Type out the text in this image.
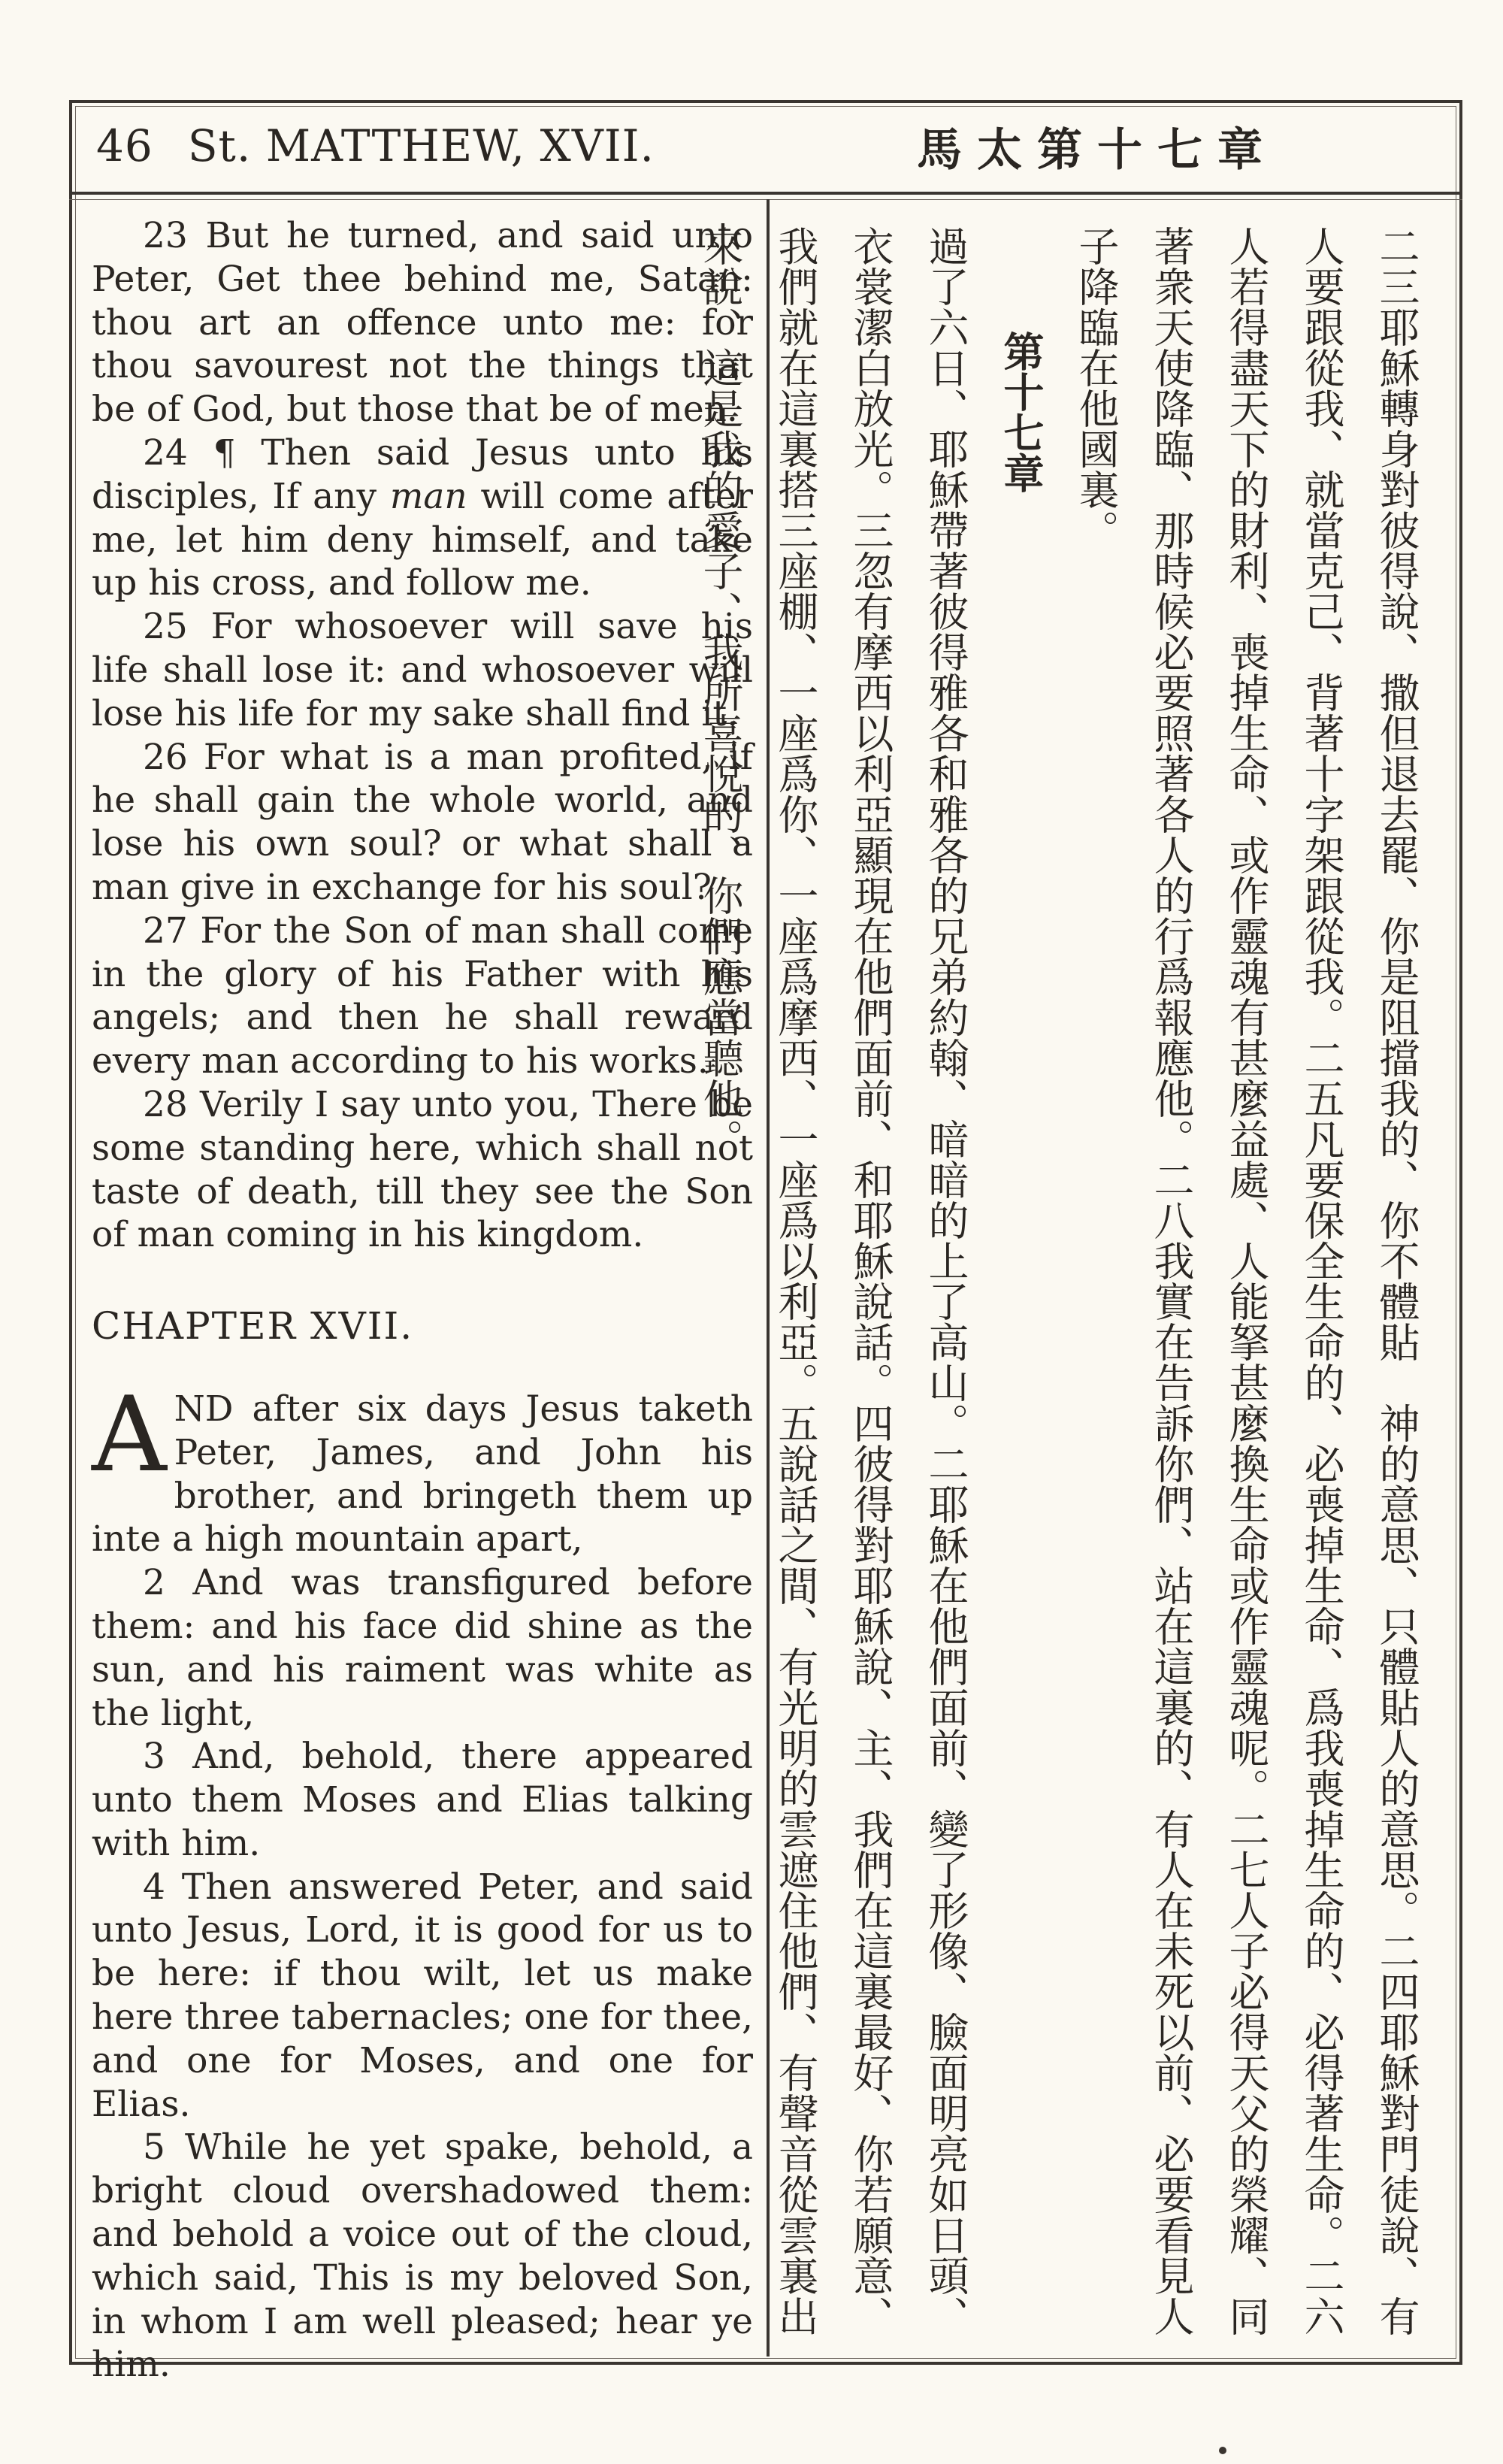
46 St. MATTHEW, XVII.	馬太第十七章

23 But he turned, and said unto Peter, Get thee behind me, Satan: thou art an offence unto me: for thou savourest not the things that be of God, but those that be of men.

24 ¶ Then said Jesus unto his disciples, If any man will come after me, let him deny himself, and take up his cross, and follow me.

25 For whosoever will save his life shall lose it: and whosoever will lose his life for my sake shall find it.

26 For what is a man profited, if he shall gain the whole world, and lose his own soul? or what shall a man give in exchange for his soul?

27 For the Son of man shall come in the glory of his Father with his angels; and then he shall reward every man according to his works.

28 Verily I say unto you, There be some standing here, which shall not taste of death, till they see the Son of man coming in his kingdom.

CHAPTER XVII.

AND after six days Jesus taketh Peter, James, and John his brother, and bringeth them up inte a high mountain apart,

2 And was transfigured before them: and his face did shine as the sun, and his raiment was white as the light,

3 And, behold, there appeared unto them Moses and Elias talking with him.

4 Then answered Peter, and said unto Jesus, Lord, it is good for us to be here: if thou wilt, let us make here three tabernacles; one for thee, and one for Moses, and one for Elias.

5 While he yet spake, behold, a bright cloud overshadowed them: and behold a voice out of the cloud, which said, This is my beloved Son, in whom I am well pleased; hear ye him.

二三耶穌轉身對彼得說、撒但退去罷、你是阻擋我的、你不體貼　神的意思、只體貼人的意思。二四耶穌對門徒說、有人要跟從我、就當克己、背著十字架跟從我。二五凡要保全生命的、必喪掉生命、爲我喪掉生命的、必得著生命。二六人若得盡天下的財利、喪掉生命、或作靈魂有甚麼益處、人能拏甚麼換生命或作靈魂呢。二七人子必得天父的榮耀、同著衆天使降臨、那時候必要照著各人的行爲報應他。二八我實在告訴你們、站在這裏的、有人在未死以前、必要看見人子降臨在他國裏。

第十七章

過了六日、耶穌帶著彼得雅各和雅各的兄弟約翰、暗暗的上了高山。二耶穌在他們面前、變了形像、臉面明亮如日頭、衣裳潔白放光。三忽有摩西以利亞顯現在他們面前、和耶穌說話。四彼得對耶穌說、主、我們在這裏最好、你若願意、我們就在這裏搭三座棚、一座爲你、一座爲摩西、一座爲以利亞。五說話之間、有光明的雲遮住他們、有聲音從雲裏出來說、這是我的愛子、我所喜悅的、你們應當聽他。
